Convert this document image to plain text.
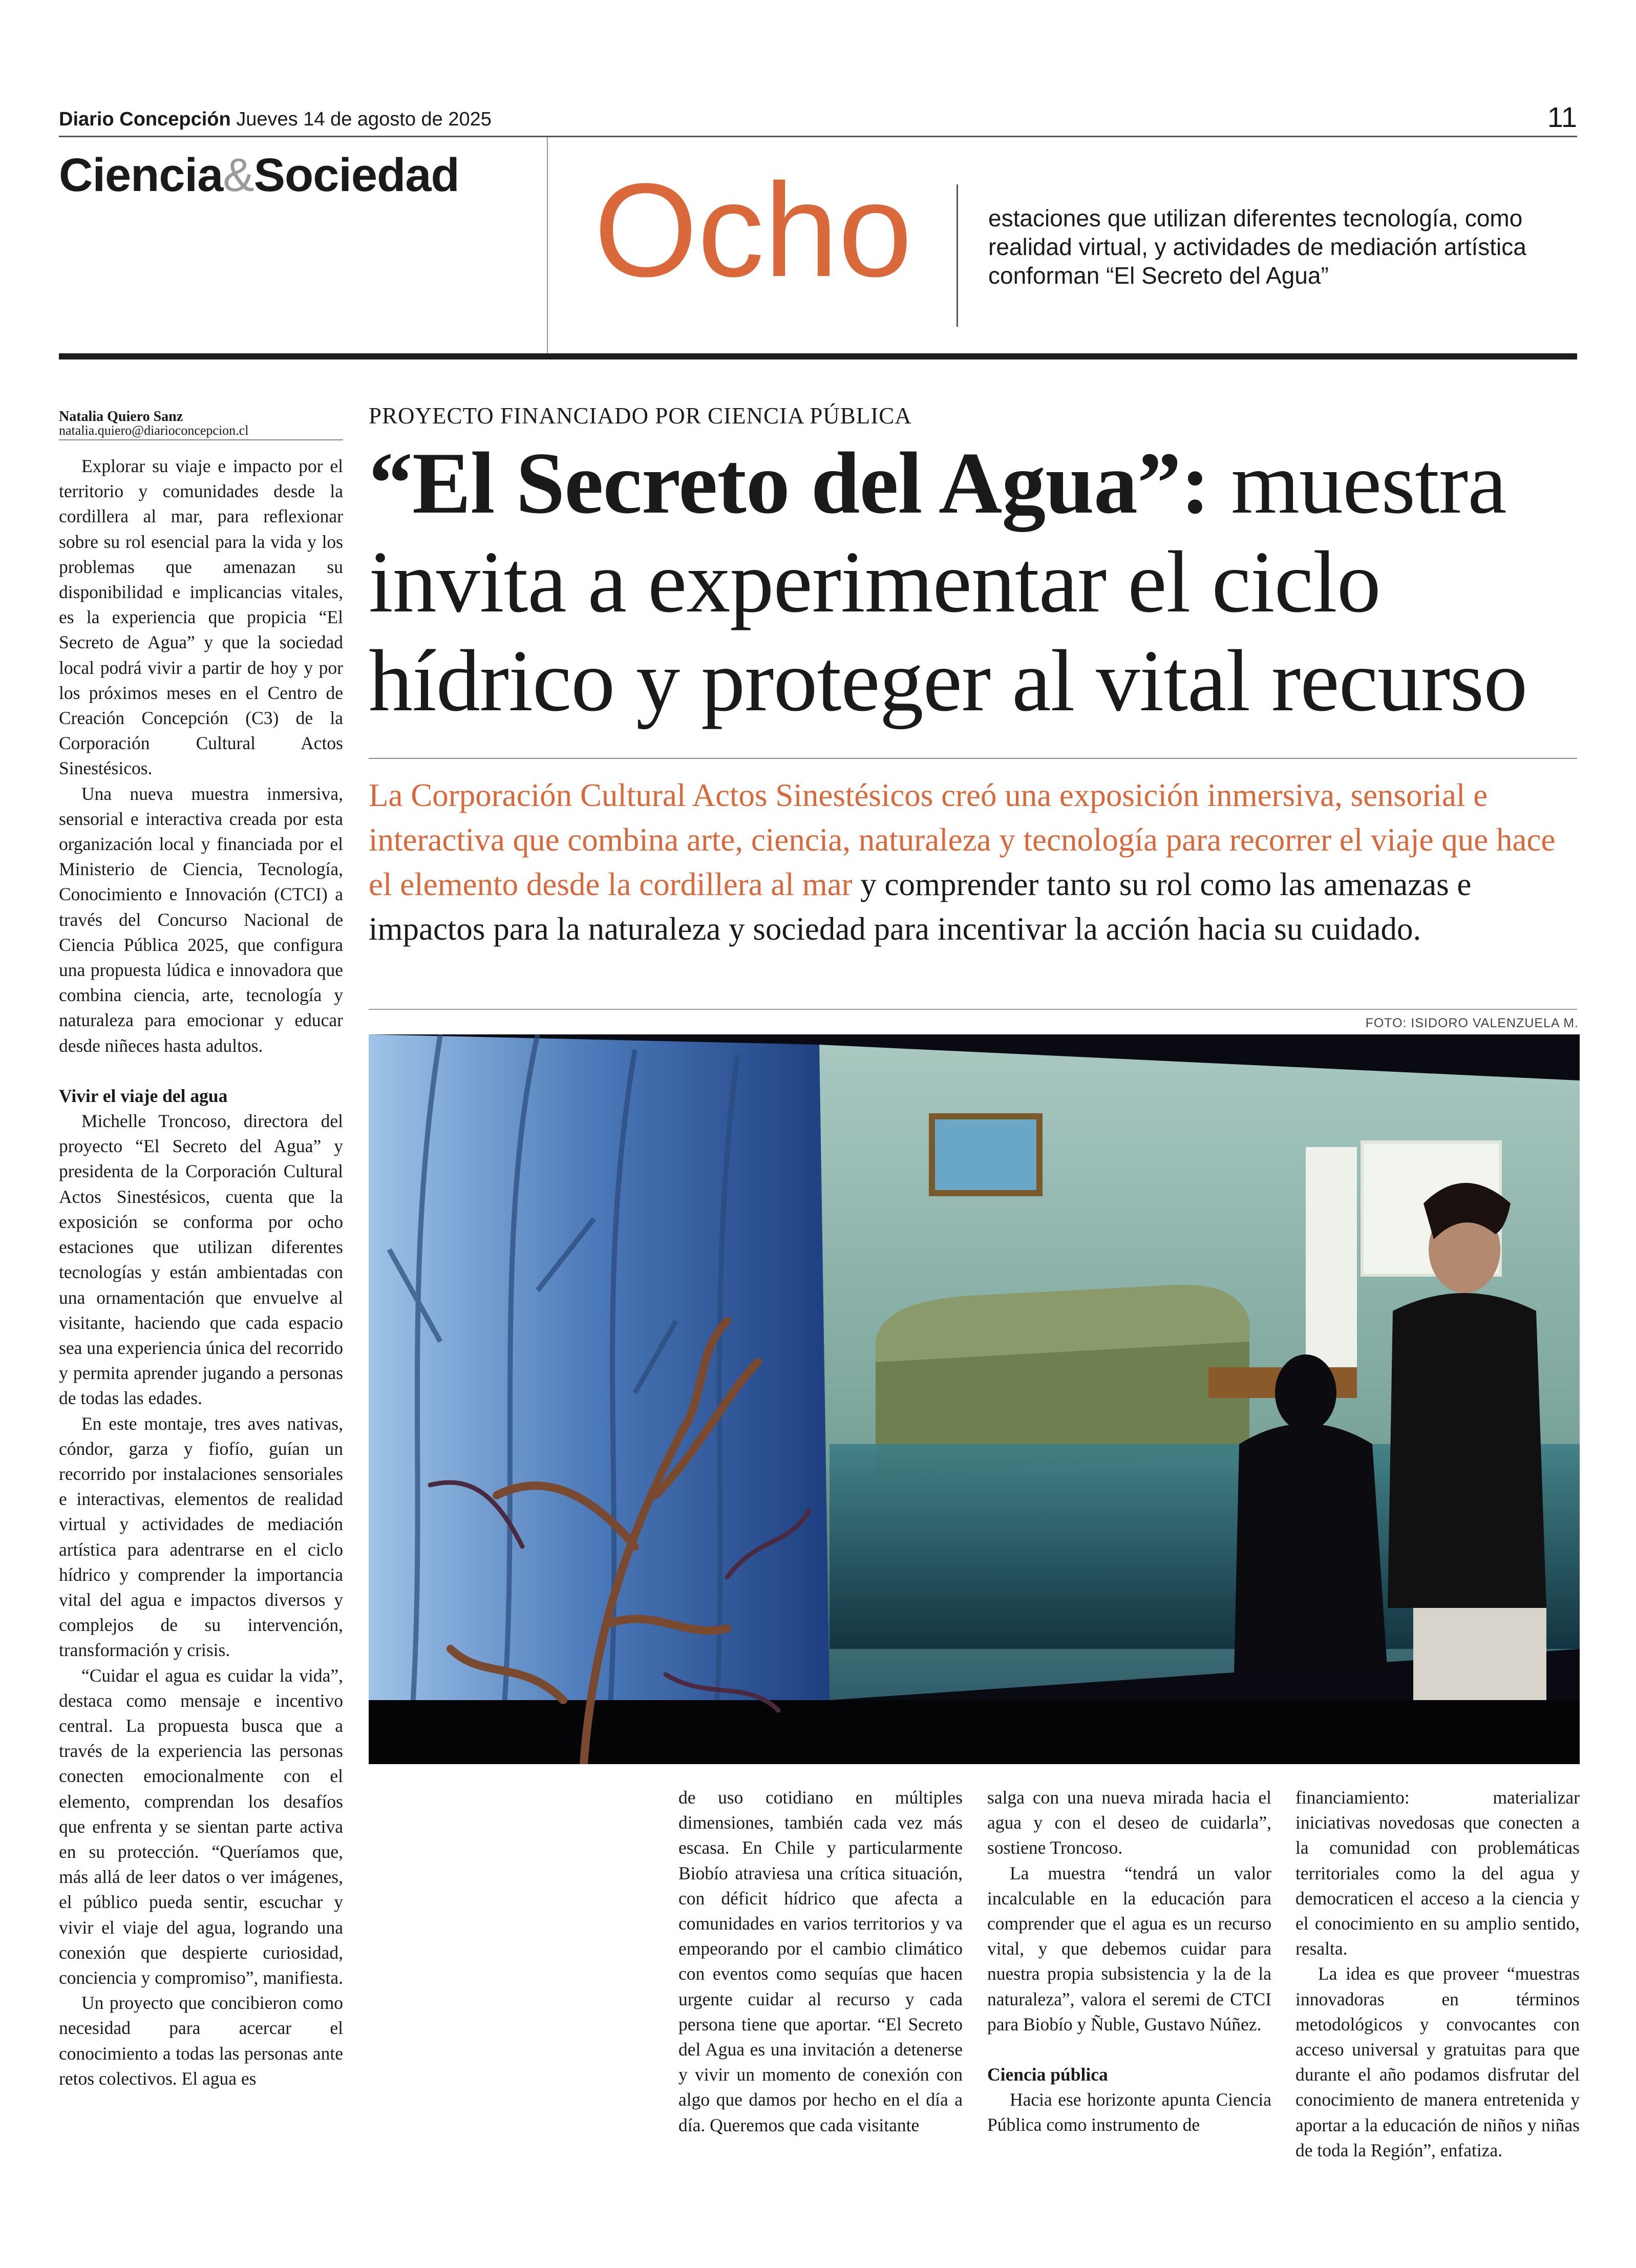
Diario Concepción Jueves 14 de agosto de 2025	11
Ciencia&Sociedad Ocho	estaciones que utilizan diferentes tecnología, como realidad virtual, y actividades de mediación artística conforman “El Secreto del Agua”
Natalia Quiero Sanz
natalia.quiero@diarioconcepcion.cl

Explorar su viaje e impacto por el territorio y comunidades desde la cordillera al mar, para reflexionar sobre su rol esencial para la vida y los problemas que amenazan su disponibilidad e implicancias vitales, es la experiencia que propicia “El Secreto de Agua” y que la sociedad local podrá vivir a partir de hoy y por los próximos meses en el Centro de Creación Concepción (C3) de la Corporación Cultural Actos Sinestésicos.

Una nueva muestra inmersiva, sensorial e interactiva creada por esta organización local y financiada por el Ministerio de Ciencia, Tecnología, Conocimiento e Innovación (CTCI) a través del Concurso Nacional de Ciencia Pública 2025, que configura una propuesta lúdica e innovadora que combina ciencia, arte, tecnología y naturaleza para emocionar y educar desde niñeces hasta adultos.

Vivir el viaje del agua

Michelle Troncoso, directora del proyecto “El Secreto del Agua” y presidenta de la Corporación Cultural Actos Sinestésicos, cuenta que la exposición se conforma por ocho estaciones que utilizan diferentes tecnologías y están ambientadas con una ornamentación que envuelve al visitante, haciendo que cada espacio sea una experiencia única del recorrido y permita aprender jugando a personas de todas las edades.

En este montaje, tres aves nativas, cóndor, garza y fiofío, guían un recorrido por instalaciones sensoriales e interactivas, elementos de realidad virtual y actividades de mediación artística para adentrarse en el ciclo hídrico y comprender la importancia vital del agua e impactos diversos y complejos de su intervención, transformación y crisis.

“Cuidar el agua es cuidar la vida”, destaca como mensaje e incentivo central. La propuesta busca que a través de la experiencia las personas conecten emocionalmente con el elemento, comprendan los desafíos que enfrenta y se sientan parte activa en su protección. “Queríamos que, más allá de leer datos o ver imágenes, el público pueda sentir, escuchar y vivir el viaje del agua, logrando una conexión que despierte curiosidad, conciencia y compromiso”, manifiesta.

Un proyecto que concibieron como necesidad para acercar el conocimiento a todas las personas ante retos colectivos. El agua es

PROYECTO FINANCIADO POR CIENCIA PÚBLICA
“El Secreto del Agua”: muestra invita a experimentar el ciclo hídrico y proteger al vital recurso
La Corporación Cultural Actos Sinestésicos creó una exposición inmersiva, sensorial e interactiva que combina arte, ciencia, naturaleza y tecnología para recorrer el viaje que hace el elemento desde la cordillera al mar y comprender tanto su rol como las amenazas e impactos para la naturaleza y sociedad para incentivar la acción hacia su cuidado.
FOTO: ISIDORO VALENZUELA M.

de uso cotidiano en múltiples dimensiones, también cada vez más escasa. En Chile y particularmente Biobío atraviesa una crítica situación, con déficit hídrico que afecta a comunidades en varios territorios y va empeorando por el cambio climático con eventos como sequías que hacen urgente cuidar al recurso y cada persona tiene que aportar. “El Secreto del Agua es una invitación a detenerse y vivir un momento de conexión con algo que damos por hecho en el día a día. Queremos que cada visitante

salga con una nueva mirada hacia el agua y con el deseo de cuidarla”, sostiene Troncoso.

La muestra “tendrá un valor incalculable en la educación para comprender que el agua es un recurso vital, y que debemos cuidar para nuestra propia subsistencia y la de la naturaleza”, valora el seremi de CTCI para Biobío y Ñuble, Gustavo Núñez.

Ciencia pública

Hacia ese horizonte apunta Ciencia Pública como instrumento de

financiamiento: materializar iniciativas novedosas que conecten a la comunidad con problemáticas territoriales como la del agua y democraticen el acceso a la ciencia y el conocimiento en su amplio sentido, resalta.

La idea es que proveer “muestras innovadoras en términos metodológicos y convocantes con acceso universal y gratuitas para que durante el año podamos disfrutar del conocimiento de manera entretenida y aportar a la educación de niños y niñas de toda la Región”, enfatiza.
